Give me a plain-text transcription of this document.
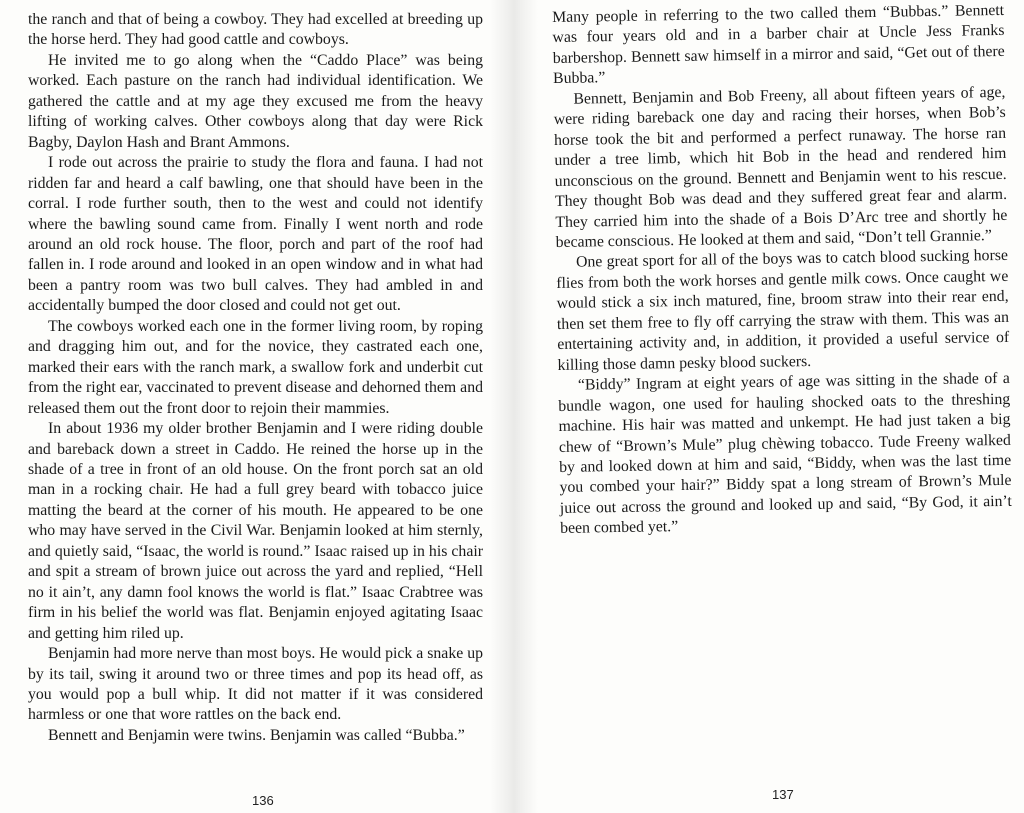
the ranch and that of being a cowboy. They had excelled at breeding up the horse herd. They had good cattle and cowboys.

He invited me to go along when the “Caddo Place” was being worked. Each pasture on the ranch had individual identification. We gathered the cattle and at my age they excused me from the heavy lifting of working calves. Other cowboys along that day were Rick Bagby, Daylon Hash and Brant Ammons.

I rode out across the prairie to study the flora and fauna. I had not ridden far and heard a calf bawling, one that should have been in the corral. I rode further south, then to the west and could not identify where the bawling sound came from. Finally I went north and rode around an old rock house. The floor, porch and part of the roof had fallen in. I rode around and looked in an open window and in what had been a pantry room was two bull calves. They had ambled in and accidentally bumped the door closed and could not get out.

The cowboys worked each one in the former living room, by roping and dragging him out, and for the novice, they castrated each one, marked their ears with the ranch mark, a swallow fork and underbit cut from the right ear, vaccinated to prevent disease and dehorned them and released them out the front door to rejoin their mammies.

In about 1936 my older brother Benjamin and I were riding double and bareback down a street in Caddo. He reined the horse up in the shade of a tree in front of an old house. On the front porch sat an old man in a rocking chair. He had a full grey beard with tobacco juice matting the beard at the corner of his mouth. He appeared to be one who may have served in the Civil War. Benjamin looked at him sternly, and quietly said, “Isaac, the world is round.” Isaac raised up in his chair and spit a stream of brown juice out across the yard and replied, “Hell no it ain’t, any damn fool knows the world is flat.” Isaac Crabtree was firm in his belief the world was flat. Benjamin enjoyed agitating Isaac and getting him riled up.

Benjamin had more nerve than most boys. He would pick a snake up by its tail, swing it around two or three times and pop its head off, as you would pop a bull whip. It did not matter if it was considered harmless or one that wore rattles on the back end.

Bennett and Benjamin were twins. Benjamin was called “Bubba.”

Many people in referring to the two called them “Bubbas.” Bennett was four years old and in a barber chair at Uncle Jess Franks barbershop. Bennett saw himself in a mirror and said, “Get out of there Bubba.”

Bennett, Benjamin and Bob Freeny, all about fifteen years of age, were riding bareback one day and racing their horses, when Bob’s horse took the bit and performed a perfect runaway. The horse ran under a tree limb, which hit Bob in the head and rendered him unconscious on the ground. Bennett and Benjamin went to his rescue. They thought Bob was dead and they suffered great fear and alarm. They carried him into the shade of a Bois D’Arc tree and shortly he became conscious. He looked at them and said, “Don’t tell Grannie.”

One great sport for all of the boys was to catch blood sucking horse flies from both the work horses and gentle milk cows. Once caught we would stick a six inch matured, fine, broom straw into their rear end, then set them free to fly off carrying the straw with them. This was an entertaining activity and, in addition, it provided a useful service of killing those damn pesky blood suckers.

“Biddy” Ingram at eight years of age was sitting in the shade of a bundle wagon, one used for hauling shocked oats to the threshing machine. His hair was matted and unkempt. He had just taken a big chew of “Brown’s Mule” plug chèwing tobacco. Tude Freeny walked by and looked down at him and said, “Biddy, when was the last time you combed your hair?” Biddy spat a long stream of Brown’s Mule juice out across the ground and looked up and said, “By God, it ain’t been combed yet.”

136	137
